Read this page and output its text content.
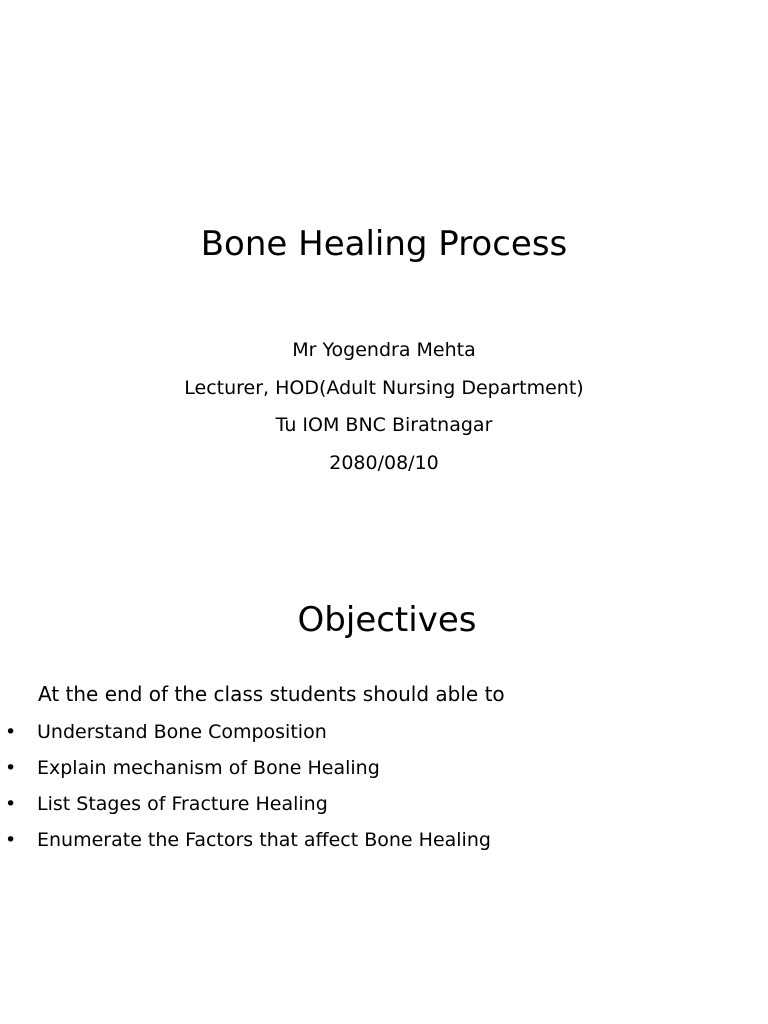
Bone Healing Process
Mr Yogendra Mehta
Lecturer, HOD(Adult Nursing Department)
Tu IOM BNC Biratnagar
2080/08/10
Objectives

At the end of the class students should able to

• Understand Bone Composition
• Explain mechanism of Bone Healing
• List Stages of Fracture Healing
• Enumerate the Factors that affect Bone Healing
